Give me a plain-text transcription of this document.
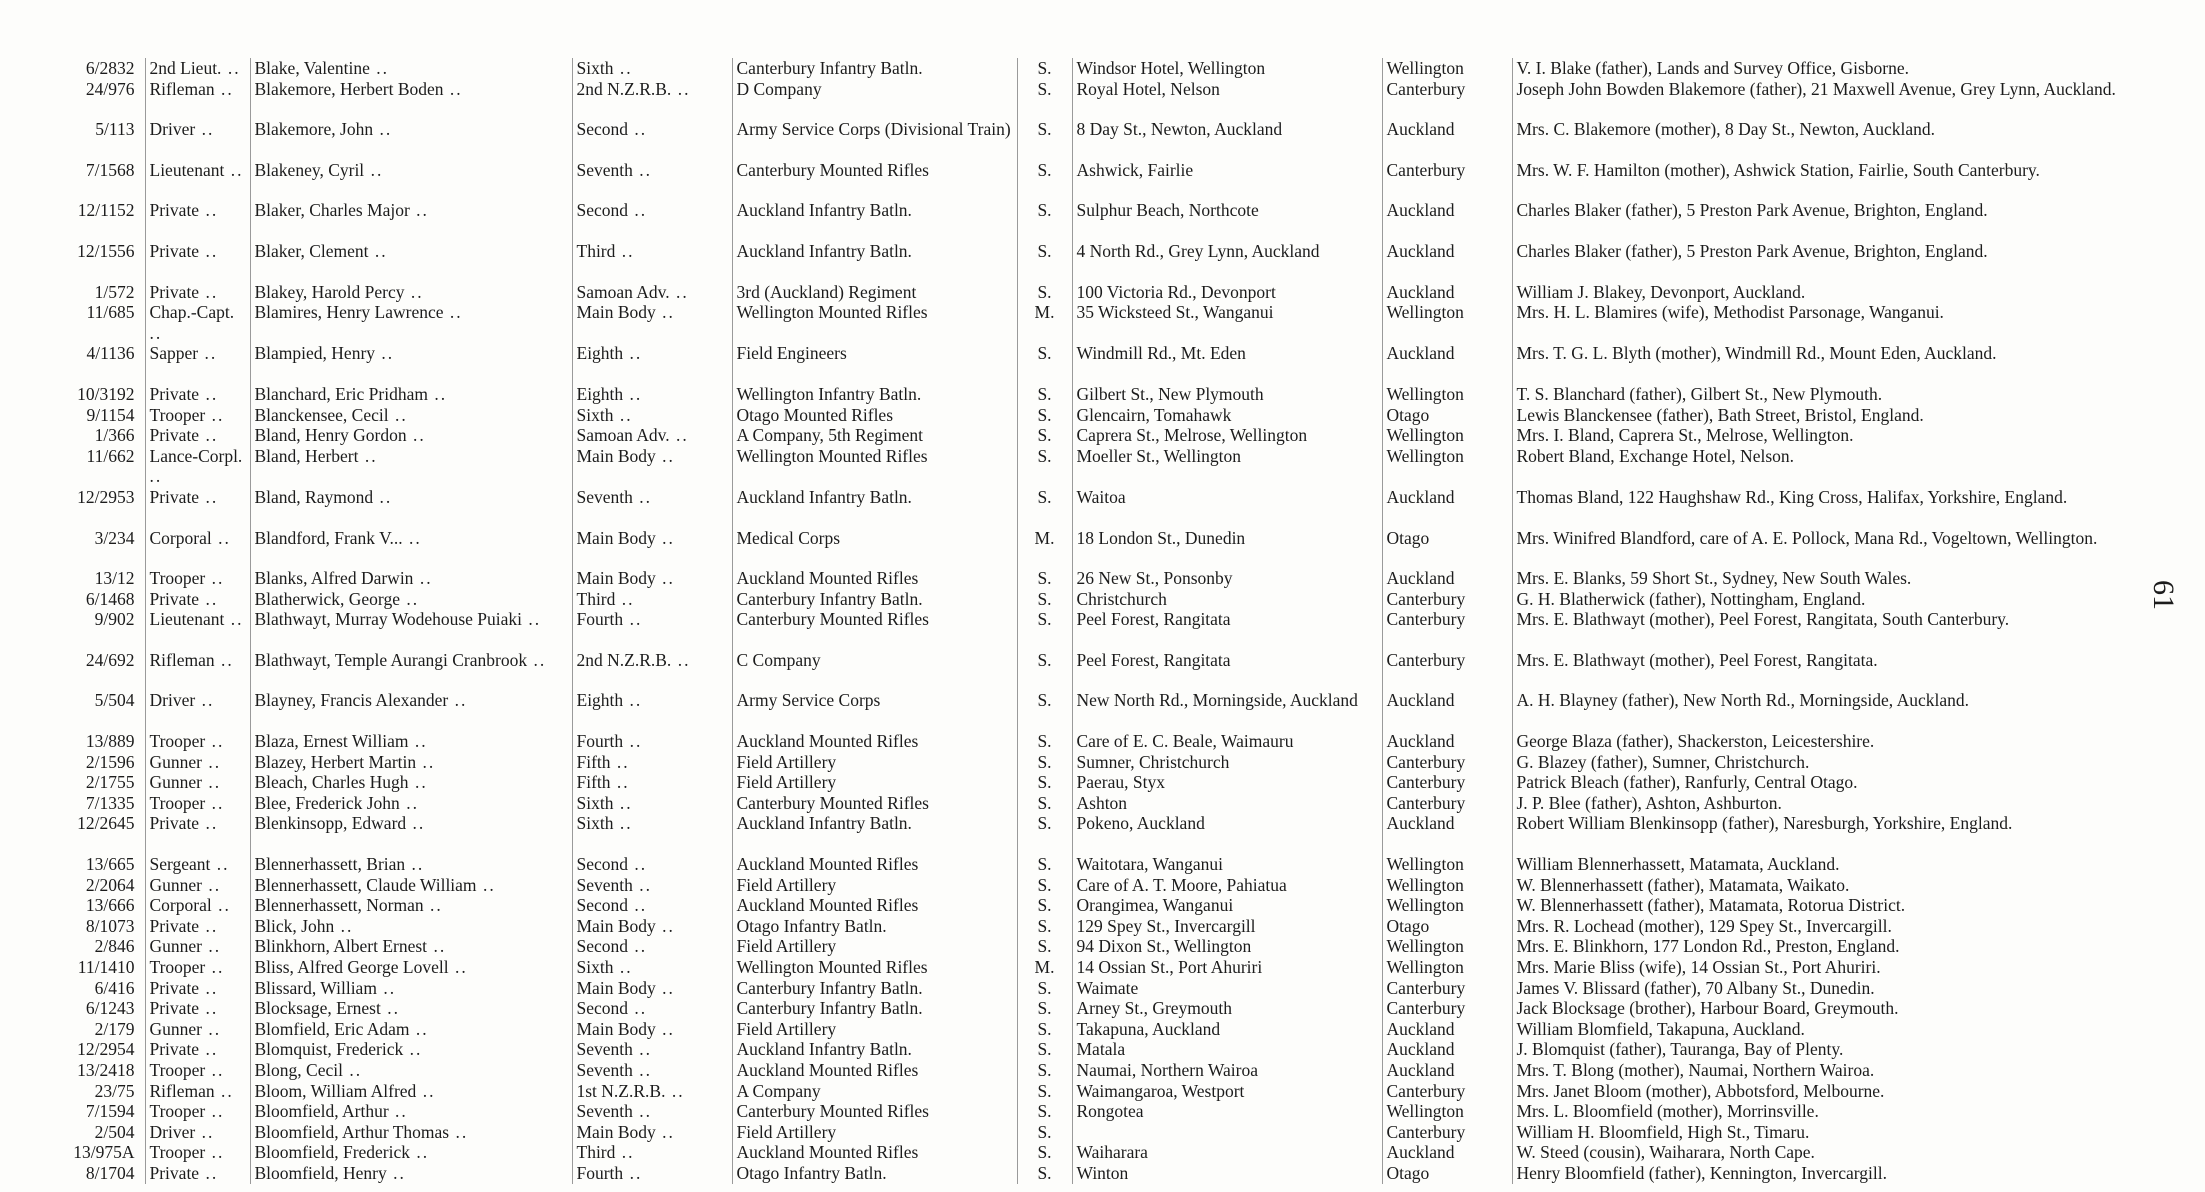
6/2832	2nd Lieut. ..	Blake, Valentine ..	Sixth ..	Canterbury Infantry Batln.	S.	Windsor Hotel, Wellington	Wellington	V. I. Blake (father), Lands and Survey Office, Gisborne.
24/976	Rifleman ..	Blakemore, Herbert Boden ..	2nd N.Z.R.B. ..	D Company	S.	Royal Hotel, Nelson	Canterbury	Joseph John Bowden Blakemore (father), 21 Maxwell Avenue, Grey Lynn, Auckland.
5/113	Driver ..	Blakemore, John ..	Second ..	Army Service Corps (Divisional Train)	S.	8 Day St., Newton, Auckland	Auckland	Mrs. C. Blakemore (mother), 8 Day St., Newton, Auckland.
7/1568	Lieutenant ..	Blakeney, Cyril ..	Seventh ..	Canterbury Mounted Rifles	S.	Ashwick, Fairlie	Canterbury	Mrs. W. F. Hamilton (mother), Ashwick Station, Fairlie, South Canterbury.
12/1152	Private ..	Blaker, Charles Major ..	Second ..	Auckland Infantry Batln.	S.	Sulphur Beach, Northcote	Auckland	Charles Blaker (father), 5 Preston Park Avenue, Brighton, England.
12/1556	Private ..	Blaker, Clement ..	Third ..	Auckland Infantry Batln.	S.	4 North Rd., Grey Lynn, Auckland	Auckland	Charles Blaker (father), 5 Preston Park Avenue, Brighton, England.
1/572	Private ..	Blakey, Harold Percy ..	Samoan Adv. ..	3rd (Auckland) Regiment	S.	100 Victoria Rd., Devonport	Auckland	William J. Blakey, Devonport, Auckland.
11/685	Chap.-Capt. ..	Blamires, Henry Lawrence ..	Main Body ..	Wellington Mounted Rifles	M.	35 Wicksteed St., Wanganui	Wellington	Mrs. H. L. Blamires (wife), Methodist Parsonage, Wanganui.
4/1136	Sapper ..	Blampied, Henry ..	Eighth ..	Field Engineers	S.	Windmill Rd., Mt. Eden	Auckland	Mrs. T. G. L. Blyth (mother), Windmill Rd., Mount Eden, Auckland.
10/3192	Private ..	Blanchard, Eric Pridham ..	Eighth ..	Wellington Infantry Batln.	S.	Gilbert St., New Plymouth	Wellington	T. S. Blanchard (father), Gilbert St., New Plymouth.
9/1154	Trooper ..	Blanckensee, Cecil ..	Sixth ..	Otago Mounted Rifles	S.	Glencairn, Tomahawk	Otago	Lewis Blanckensee (father), Bath Street, Bristol, England.
1/366	Private ..	Bland, Henry Gordon ..	Samoan Adv. ..	A Company, 5th Regiment	S.	Caprera St., Melrose, Wellington	Wellington	Mrs. I. Bland, Caprera St., Melrose, Wellington.
11/662	Lance-Corpl. ..	Bland, Herbert ..	Main Body ..	Wellington Mounted Rifles	S.	Moeller St., Wellington	Wellington	Robert Bland, Exchange Hotel, Nelson.
12/2953	Private ..	Bland, Raymond ..	Seventh ..	Auckland Infantry Batln.	S.	Waitoa	Auckland	Thomas Bland, 122 Haughshaw Rd., King Cross, Halifax, Yorkshire, England.
3/234	Corporal ..	Blandford, Frank V... ..	Main Body ..	Medical Corps	M.	18 London St., Dunedin	Otago	Mrs. Winifred Blandford, care of A. E. Pollock, Mana Rd., Vogeltown, Wellington.
13/12	Trooper ..	Blanks, Alfred Darwin ..	Main Body ..	Auckland Mounted Rifles	S.	26 New St., Ponsonby	Auckland	Mrs. E. Blanks, 59 Short St., Sydney, New South Wales.
6/1468	Private ..	Blatherwick, George ..	Third ..	Canterbury Infantry Batln.	S.	Christchurch	Canterbury	G. H. Blatherwick (father), Nottingham, England.
9/902	Lieutenant ..	Blathwayt, Murray Wodehouse Puiaki ..	Fourth ..	Canterbury Mounted Rifles	S.	Peel Forest, Rangitata	Canterbury	Mrs. E. Blathwayt (mother), Peel Forest, Rangitata, South Canterbury.
24/692	Rifleman ..	Blathwayt, Temple Aurangi Cranbrook ..	2nd N.Z.R.B. ..	C Company	S.	Peel Forest, Rangitata	Canterbury	Mrs. E. Blathwayt (mother), Peel Forest, Rangitata.
5/504	Driver ..	Blayney, Francis Alexander ..	Eighth ..	Army Service Corps	S.	New North Rd., Morningside, Auckland	Auckland	A. H. Blayney (father), New North Rd., Morningside, Auckland.
13/889	Trooper ..	Blaza, Ernest William ..	Fourth ..	Auckland Mounted Rifles	S.	Care of E. C. Beale, Waimauru	Auckland	George Blaza (father), Shackerston, Leicestershire.
2/1596	Gunner ..	Blazey, Herbert Martin ..	Fifth ..	Field Artillery	S.	Sumner, Christchurch	Canterbury	G. Blazey (father), Sumner, Christchurch.
2/1755	Gunner ..	Bleach, Charles Hugh ..	Fifth ..	Field Artillery	S.	Paerau, Styx	Canterbury	Patrick Bleach (father), Ranfurly, Central Otago.
7/1335	Trooper ..	Blee, Frederick John ..	Sixth ..	Canterbury Mounted Rifles	S.	Ashton	Canterbury	J. P. Blee (father), Ashton, Ashburton.
12/2645	Private ..	Blenkinsopp, Edward ..	Sixth ..	Auckland Infantry Batln.	S.	Pokeno, Auckland	Auckland	Robert William Blenkinsopp (father), Naresburgh, Yorkshire, England.
13/665	Sergeant ..	Blennerhassett, Brian ..	Second ..	Auckland Mounted Rifles	S.	Waitotara, Wanganui	Wellington	William Blennerhassett, Matamata, Auckland.
2/2064	Gunner ..	Blennerhassett, Claude William ..	Seventh ..	Field Artillery	S.	Care of A. T. Moore, Pahiatua	Wellington	W. Blennerhassett (father), Matamata, Waikato.
13/666	Corporal ..	Blennerhassett, Norman ..	Second ..	Auckland Mounted Rifles	S.	Orangimea, Wanganui	Wellington	W. Blennerhassett (father), Matamata, Rotorua District.
8/1073	Private ..	Blick, John ..	Main Body ..	Otago Infantry Batln.	S.	129 Spey St., Invercargill	Otago	Mrs. R. Lochead (mother), 129 Spey St., Invercargill.
2/846	Gunner ..	Blinkhorn, Albert Ernest ..	Second ..	Field Artillery	S.	94 Dixon St., Wellington	Wellington	Mrs. E. Blinkhorn, 177 London Rd., Preston, England.
11/1410	Trooper ..	Bliss, Alfred George Lovell ..	Sixth ..	Wellington Mounted Rifles	M.	14 Ossian St., Port Ahuriri	Wellington	Mrs. Marie Bliss (wife), 14 Ossian St., Port Ahuriri.
6/416	Private ..	Blissard, William ..	Main Body ..	Canterbury Infantry Batln.	S.	Waimate	Canterbury	James V. Blissard (father), 70 Albany St., Dunedin.
6/1243	Private ..	Blocksage, Ernest ..	Second ..	Canterbury Infantry Batln.	S.	Arney St., Greymouth	Canterbury	Jack Blocksage (brother), Harbour Board, Greymouth.
2/179	Gunner ..	Blomfield, Eric Adam ..	Main Body ..	Field Artillery	S.	Takapuna, Auckland	Auckland	William Blomfield, Takapuna, Auckland.
12/2954	Private ..	Blomquist, Frederick ..	Seventh ..	Auckland Infantry Batln.	S.	Matala	Auckland	J. Blomquist (father), Tauranga, Bay of Plenty.
13/2418	Trooper ..	Blong, Cecil ..	Seventh ..	Auckland Mounted Rifles	S.	Naumai, Northern Wairoa	Auckland	Mrs. T. Blong (mother), Naumai, Northern Wairoa.
23/75	Rifleman ..	Bloom, William Alfred ..	1st N.Z.R.B. ..	A Company	S.	Waimangaroa, Westport	Canterbury	Mrs. Janet Bloom (mother), Abbotsford, Melbourne.
7/1594	Trooper ..	Bloomfield, Arthur ..	Seventh ..	Canterbury Mounted Rifles	S.	Rongotea	Wellington	Mrs. L. Bloomfield (mother), Morrinsville.
2/504	Driver ..	Bloomfield, Arthur Thomas ..	Main Body ..	Field Artillery	S.		Canterbury	William H. Bloomfield, High St., Timaru.
13/975A	Trooper ..	Bloomfield, Frederick ..	Third ..	Auckland Mounted Rifles	S.	Waiharara	Auckland	W. Steed (cousin), Waiharara, North Cape.
8/1704	Private ..	Bloomfield, Henry ..	Fourth ..	Otago Infantry Batln.	S.	Winton	Otago	Henry Bloomfield (father), Kennington, Invercargill.
61
